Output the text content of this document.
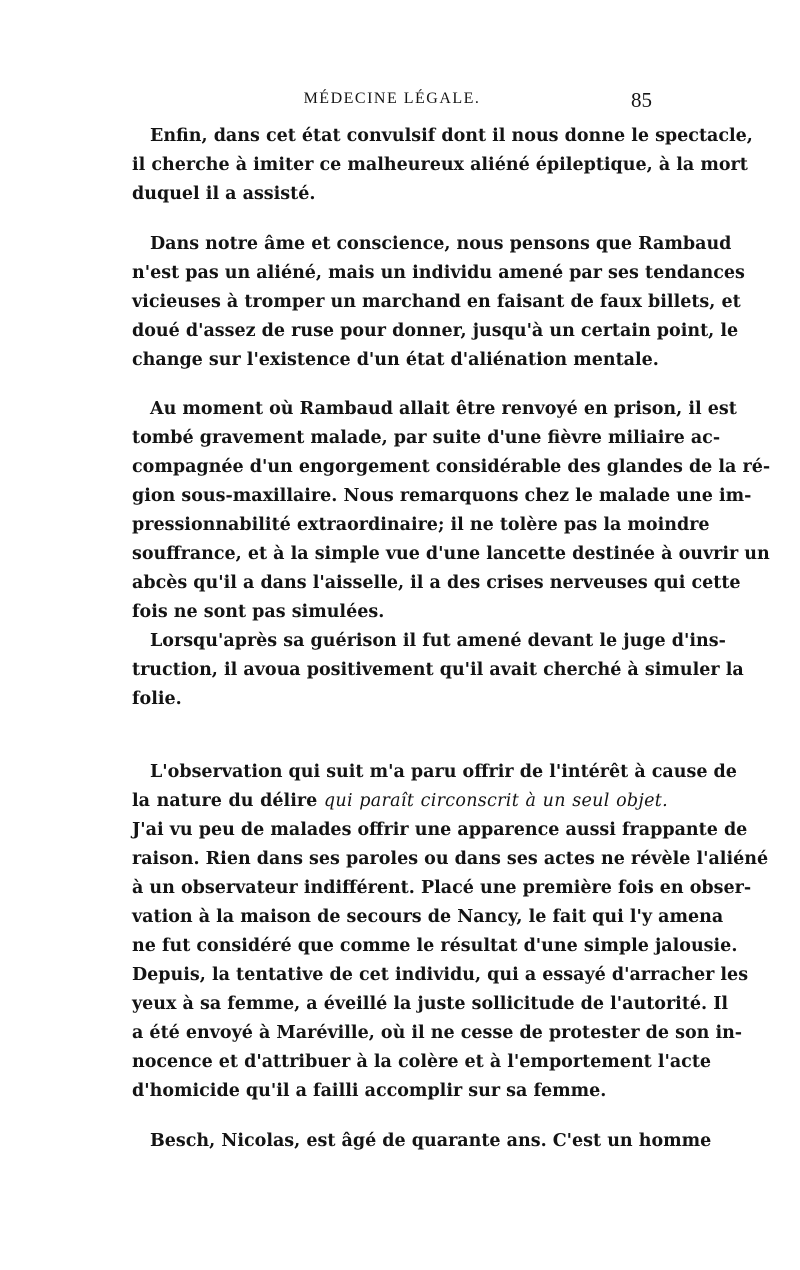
MÉDECINE LÉGALE.	85
Enfin, dans cet état convulsif dont il nous donne le spectacle,
il cherche à imiter ce malheureux aliéné épileptique, à la mort
duquel il a assisté.
Dans notre âme et conscience, nous pensons que Rambaud
n'est pas un aliéné, mais un individu amené par ses tendances
vicieuses à tromper un marchand en faisant de faux billets, et
doué d'assez de ruse pour donner, jusqu'à un certain point, le
change sur l'existence d'un état d'aliénation mentale.
Au moment où Rambaud allait être renvoyé en prison, il est
tombé gravement malade, par suite d'une fièvre miliaire ac-
compagnée d'un engorgement considérable des glandes de la ré-
gion sous-maxillaire. Nous remarquons chez le malade une im-
pressionnabilité extraordinaire; il ne tolère pas la moindre
souffrance, et à la simple vue d'une lancette destinée à ouvrir un
abcès qu'il a dans l'aisselle, il a des crises nerveuses qui cette
fois ne sont pas simulées.
Lorsqu'après sa guérison il fut amené devant le juge d'ins-
truction, il avoua positivement qu'il avait cherché à simuler la
folie.
L'observation qui suit m'a paru offrir de l'intérêt à cause de
la nature du délire qui paraît circonscrit à un seul objet.
J'ai vu peu de malades offrir une apparence aussi frappante de
raison. Rien dans ses paroles ou dans ses actes ne révèle l'aliéné
à un observateur indifférent. Placé une première fois en obser-
vation à la maison de secours de Nancy, le fait qui l'y amena
ne fut considéré que comme le résultat d'une simple jalousie.
Depuis, la tentative de cet individu, qui a essayé d'arracher les
yeux à sa femme, a éveillé la juste sollicitude de l'autorité. Il
a été envoyé à Maréville, où il ne cesse de protester de son in-
nocence et d'attribuer à la colère et à l'emportement l'acte
d'homicide qu'il a failli accomplir sur sa femme.
Besch, Nicolas, est âgé de quarante ans. C'est un homme
